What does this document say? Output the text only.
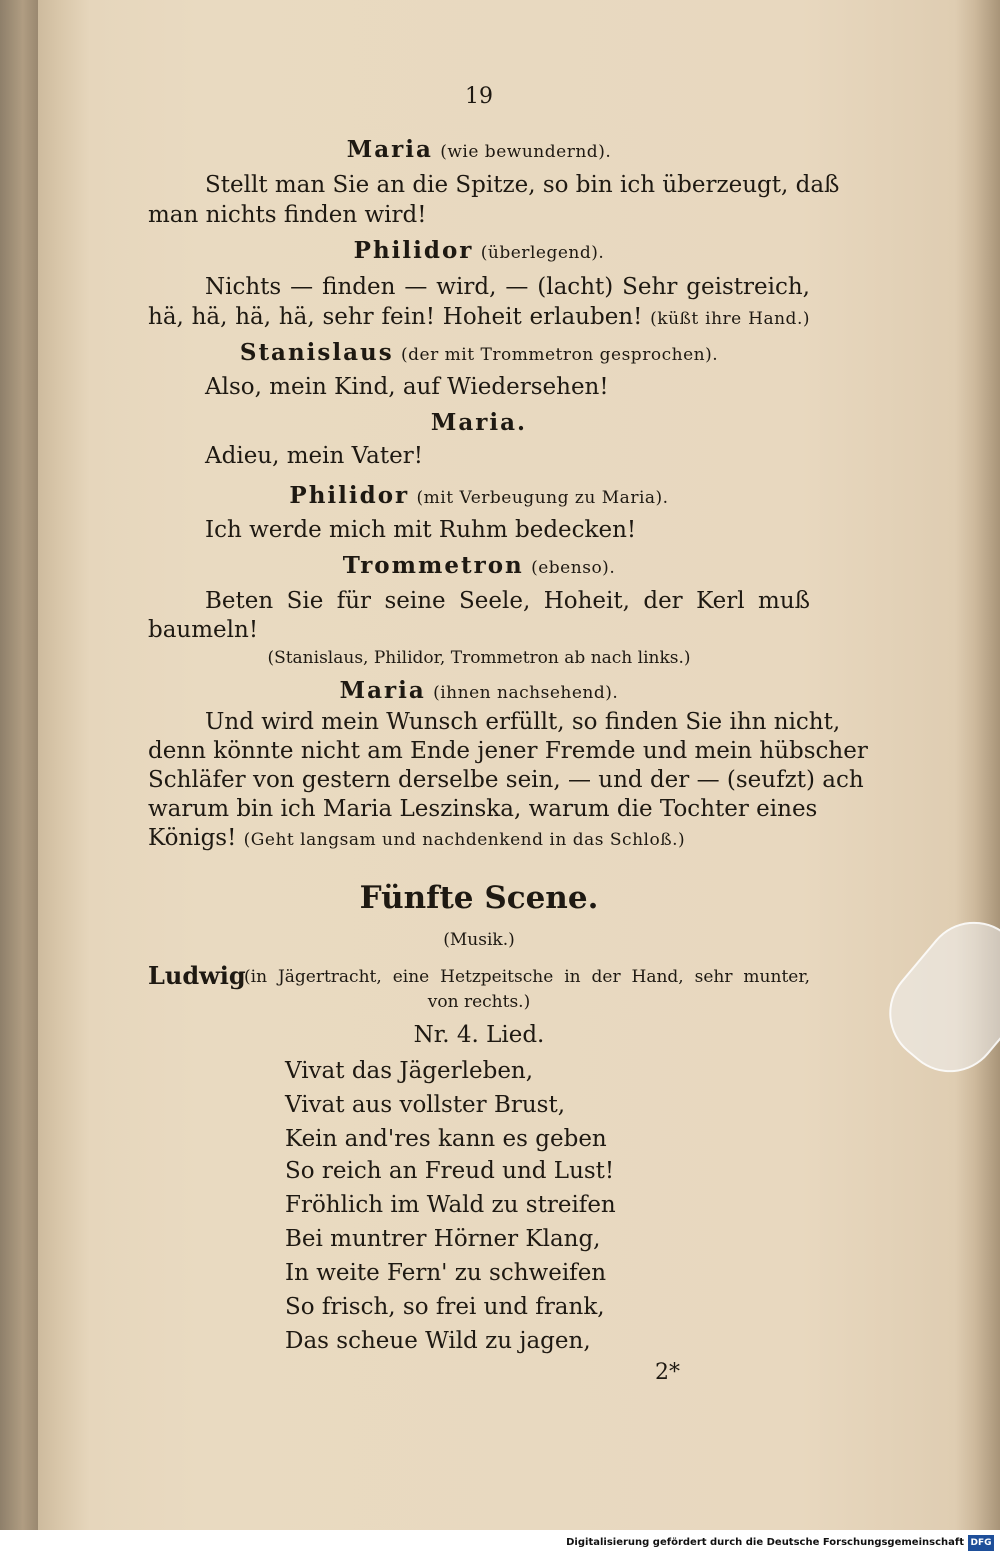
19
Maria (wie bewundernd).
Stellt man Sie an die Spitze, so bin ich überzeugt, daß
man nichts finden wird!
Philidor (überlegend).
Nichts — finden — wird, — (lacht) Sehr geistreich,
hä, hä, hä, hä, sehr fein! Hoheit erlauben! (küßt ihre Hand.)
Stanislaus (der mit Trommetron gesprochen).
Also, mein Kind, auf Wiedersehen!
Maria.
Adieu, mein Vater!
Philidor (mit Verbeugung zu Maria).
Ich werde mich mit Ruhm bedecken!
Trommetron (ebenso).
Beten Sie für seine Seele, Hoheit, der Kerl muß
baumeln!
(Stanislaus, Philidor, Trommetron ab nach links.)
Maria (ihnen nachsehend).
Und wird mein Wunsch erfüllt, so finden Sie ihn nicht,
denn könnte nicht am Ende jener Fremde und mein hübscher
Schläfer von gestern derselbe sein, — und der — (seufzt) ach
warum bin ich Maria Leszinska, warum die Tochter eines
Königs! (Geht langsam und nachdenkend in das Schloß.)
Fünfte Scene.
(Musik.)
Ludwig
(in Jägertracht, eine Hetzpeitsche in der Hand, sehr munter,
von rechts.)
Nr. 4. Lied.
Vivat das Jägerleben,
Vivat aus vollster Brust,
Kein and'res kann es geben
So reich an Freud und Lust!
Fröhlich im Wald zu streifen
Bei muntrer Hörner Klang,
In weite Fern' zu schweifen
So frisch, so frei und frank,
Das scheue Wild zu jagen,
2*
Digitalisierung gefördert durch die Deutsche Forschungsgemeinschaft DFG
